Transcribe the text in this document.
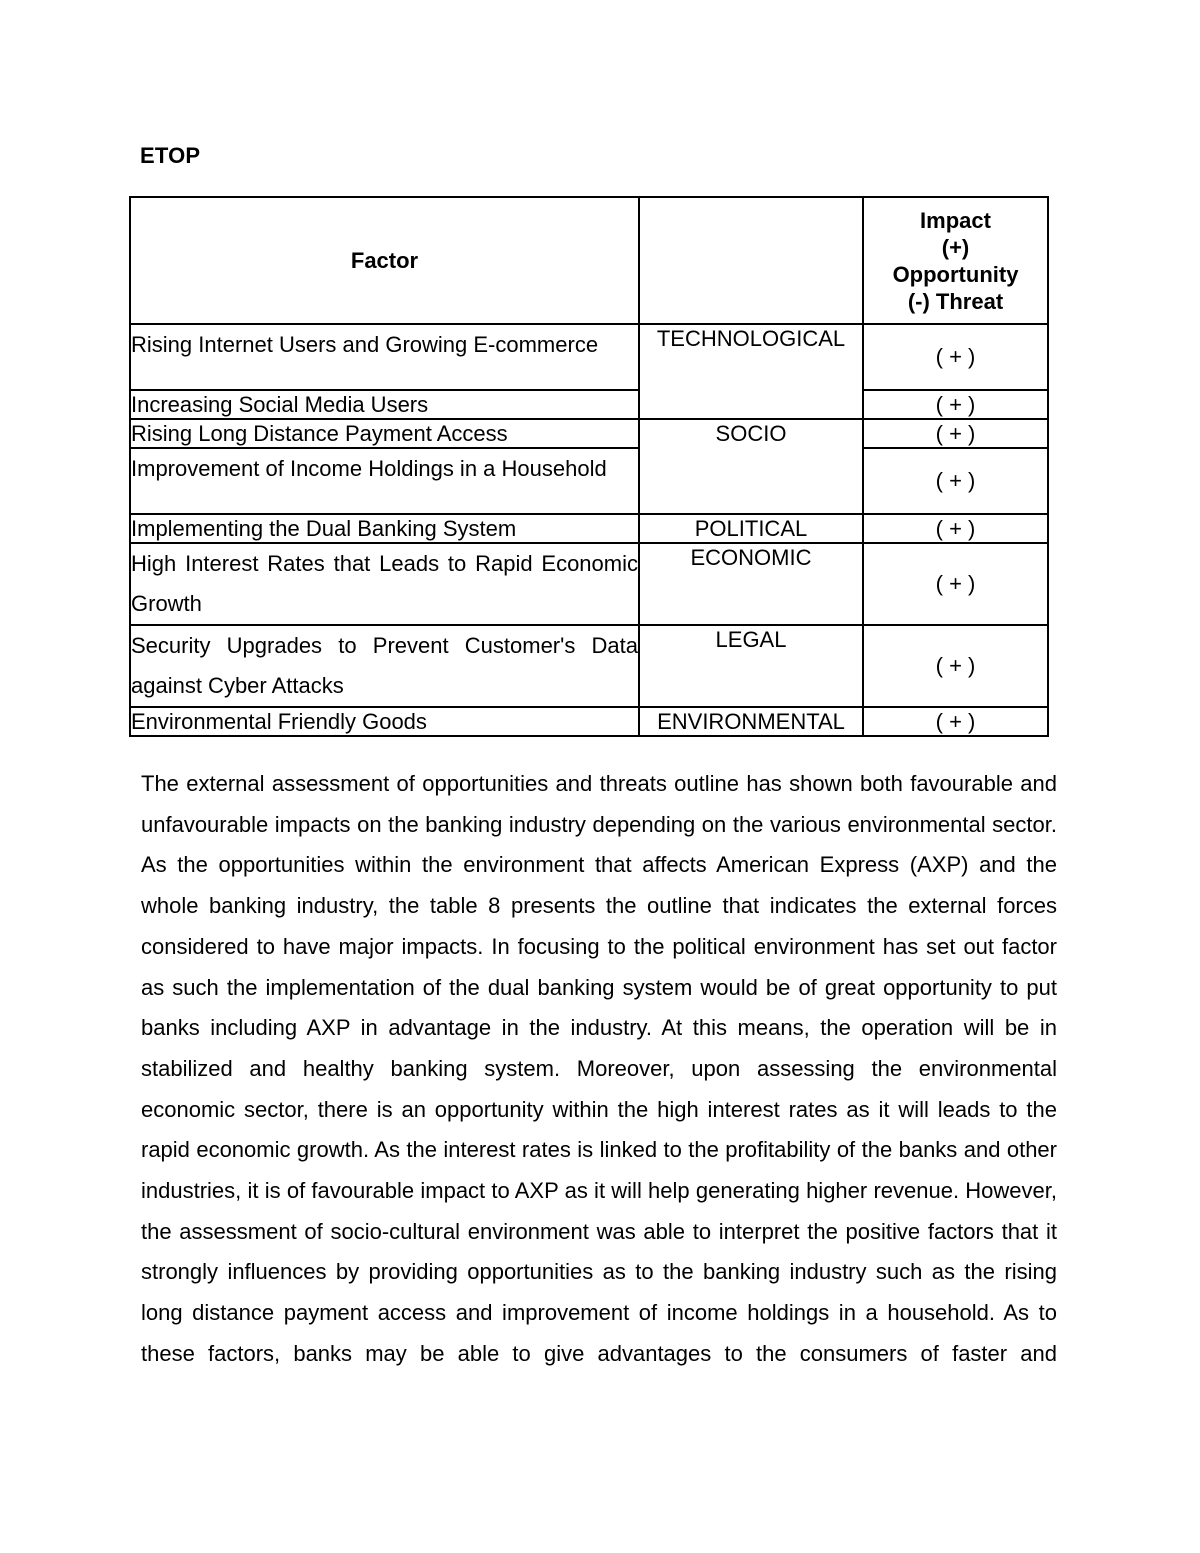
ETOP
Factor		Impact
(+)
Opportunity
(-) Threat

Rising Internet Users and Growing E-commerce	TECHNOLOGICAL	( + )
Increasing Social Media Users		( + )
Rising Long Distance Payment Access	SOCIO	( + )
Improvement of Income Holdings in a Household		( + )
Implementing the Dual Banking System	POLITICAL	( + )
High Interest Rates that Leads to Rapid Economic Growth	ECONOMIC	( + )
Security Upgrades to Prevent Customer's Data against Cyber Attacks	LEGAL	( + )
Environmental Friendly Goods	ENVIRONMENTAL	( + )
The external assessment of opportunities and threats outline has shown both favourable and unfavourable impacts on the banking industry depending on the various environmental sector. As the opportunities within the environment that affects American Express (AXP) and the whole banking industry, the table 8 presents the outline that indicates the external forces considered to have major impacts. In focusing to the political environment has set out factor as such the implementation of the dual banking system would be of great opportunity to put banks including AXP in advantage in the industry. At this means, the operation will be in stabilized and healthy banking system. Moreover, upon assessing the environmental economic sector, there is an opportunity within the high interest rates as it will leads to the rapid economic growth. As the interest rates is linked to the profitability of the banks and other industries, it is of favourable impact to AXP as it will help generating higher revenue. However, the assessment of socio-cultural environment was able to interpret the positive factors that it strongly influences by providing opportunities as to the banking industry such as the rising long distance payment access and improvement of income holdings in a household. As to these factors, banks may be able to give advantages to the consumers of faster and
